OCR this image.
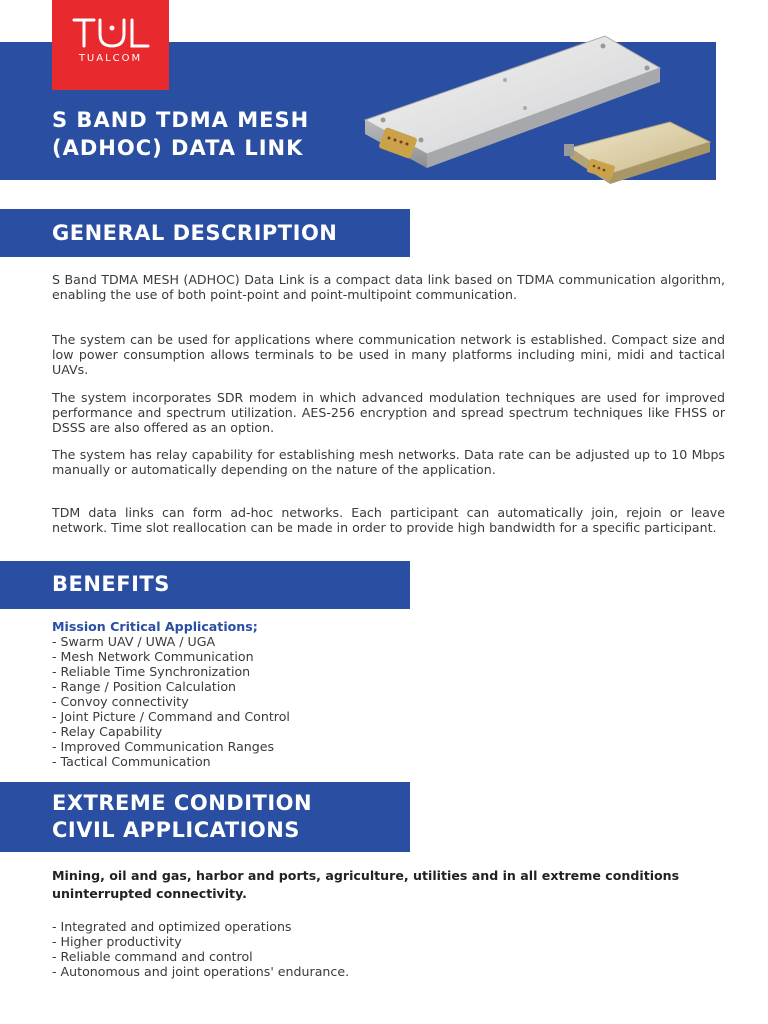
TUALCOM
S BAND TDMA MESH
(ADHOC) DATA LINK
GENERAL DESCRIPTION

S Band TDMA MESH (ADHOC) Data Link is a compact data link based on TDMA communication algorithm, enabling the use of both point-point and point-multipoint communication.

The system can be used for applications where communication network is established. Compact size and low power consumption allows terminals to be used in many platforms including mini, midi and tactical UAVs.

The system incorporates SDR modem in which advanced modulation techniques are used for improved performance and spectrum utilization. AES-256 encryption and spread spectrum techniques like FHSS or DSSS are also offered as an option.

The system has relay capability for establishing mesh networks. Data rate can be adjusted up to 10 Mbps manually or automatically depending on the nature of the application.

TDM data links can form ad-hoc networks. Each participant can automatically join, rejoin or leave network. Time slot reallocation can be made in order to provide high bandwidth for a specific participant.

BENEFITS
Mission Critical Applications;
- Swarm UAV / UWA / UGA
- Mesh Network Communication
- Reliable Time Synchronization
- Range / Position Calculation
- Convoy connectivity
- Joint Picture / Command and Control
- Relay Capability
- Improved Communication Ranges
- Tactical Communication
EXTREME CONDITION
CIVIL APPLICATIONS

Mining, oil and gas, harbor and ports, agriculture, utilities and in all extreme conditions uninterrupted connectivity.

- Integrated and optimized operations
- Higher productivity
- Reliable command and control
- Autonomous and joint operations' endurance.
